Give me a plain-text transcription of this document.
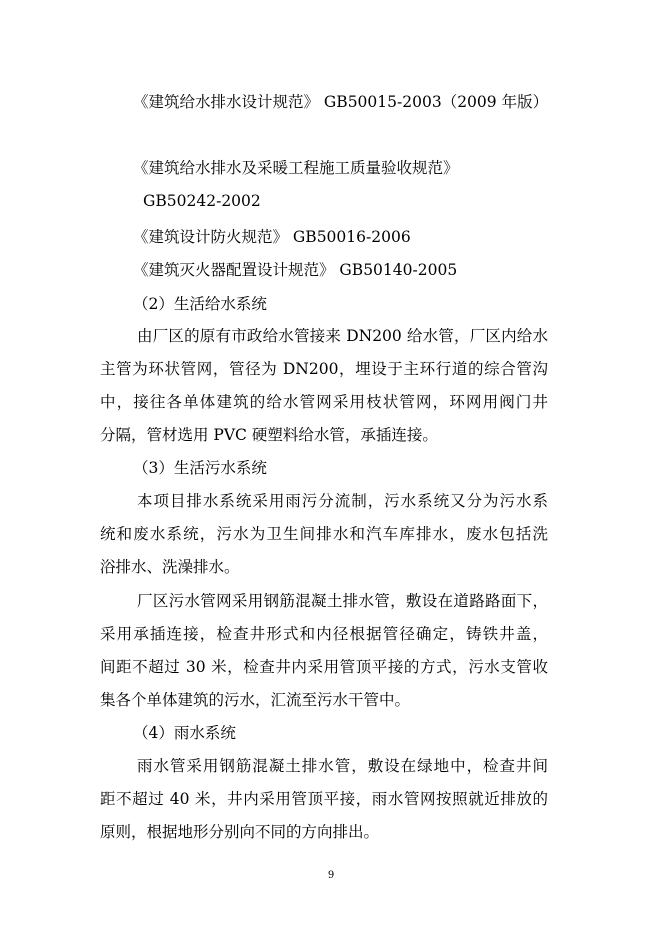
《建筑给水排水设计规范》 GB50015-2003（2009 年版）
《建筑给水排水及采暖工程施工质量验收规范》
GB50242-2002
《建筑设计防火规范》 GB50016-2006
《建筑灭火器配置设计规范》 GB50140-2005
（2）生活给水系统
由厂区的原有市政给水管接来 DN200 给水管，厂区内给水
主管为环状管网，管径为 DN200，埋设于主环行道的综合管沟
中，接往各单体建筑的给水管网采用枝状管网，环网用阀门井
分隔，管材选用 PVC 硬塑料给水管，承插连接。
（3）生活污水系统
本项目排水系统采用雨污分流制，污水系统又分为污水系
统和废水系统，污水为卫生间排水和汽车库排水，废水包括洗
浴排水、洗澡排水。
厂区污水管网采用钢筋混凝土排水管，敷设在道路路面下，
采用承插连接，检查井形式和内径根据管径确定，铸铁井盖，
间距不超过 30 米，检查井内采用管顶平接的方式，污水支管收
集各个单体建筑的污水，汇流至污水干管中。
（4）雨水系统
雨水管采用钢筋混凝土排水管，敷设在绿地中，检查井间
距不超过 40 米，井内采用管顶平接，雨水管网按照就近排放的
原则，根据地形分别向不同的方向排出。
9
